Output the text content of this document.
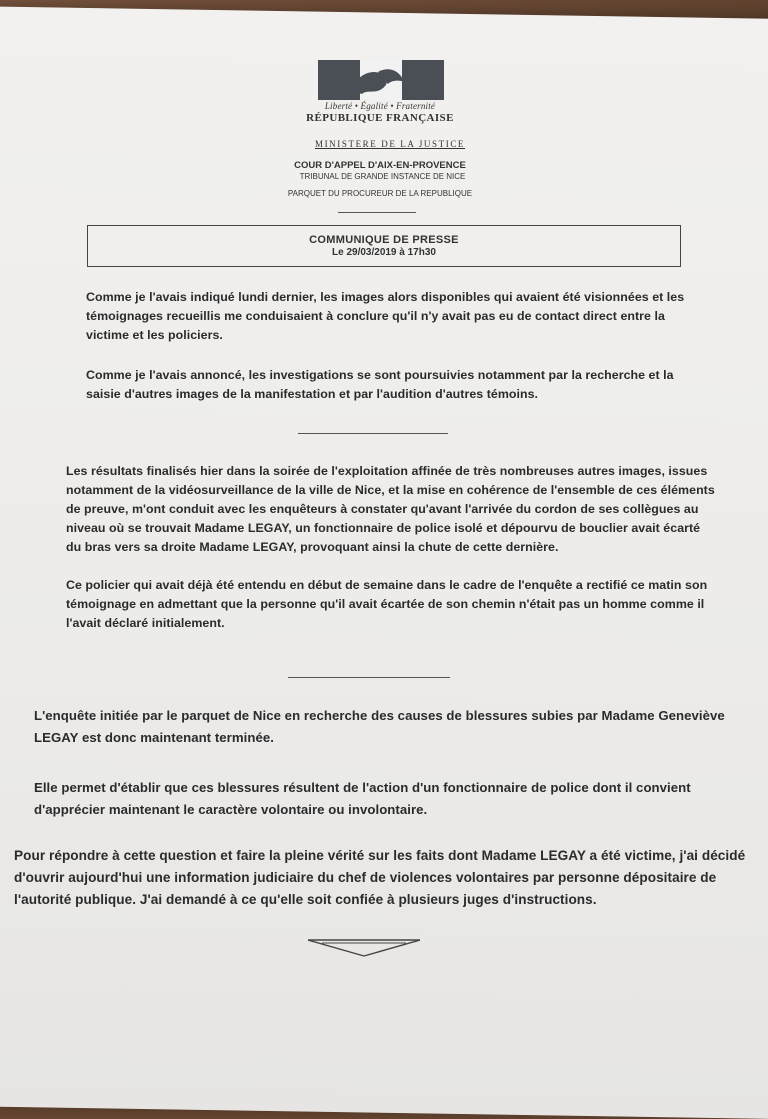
Liberté • Égalité • Fraternité
RÉPUBLIQUE FRANÇAISE
MINISTERE DE LA JUSTICE
COUR D'APPEL D'AIX-EN-PROVENCE
TRIBUNAL DE GRANDE INSTANCE DE NICE
PARQUET DU PROCUREUR DE LA REPUBLIQUE
COMMUNIQUE DE PRESSE
Le 29/03/2019 à 17h30
Comme je l'avais indiqué lundi dernier, les images alors disponibles qui avaient été visionnées et les témoignages recueillis me conduisaient à conclure qu'il n'y avait pas eu de contact direct entre la victime et les policiers.
Comme je l'avais annoncé, les investigations se sont poursuivies notamment par la recherche et la saisie d'autres images de la manifestation et par l'audition d'autres témoins.
Les résultats finalisés hier dans la soirée de l'exploitation affinée de très nombreuses autres images, issues notamment de la vidéosurveillance de la ville de Nice, et la mise en cohérence de l'ensemble de ces éléments de preuve, m'ont conduit avec les enquêteurs à constater qu'avant l'arrivée du cordon de ses collègues au niveau où se trouvait Madame LEGAY, un fonctionnaire de police isolé et dépourvu de bouclier avait écarté du bras vers sa droite Madame LEGAY, provoquant ainsi la chute de cette dernière.
Ce policier qui avait déjà été entendu en début de semaine dans le cadre de l'enquête a rectifié ce matin son témoignage en admettant que la personne qu'il avait écartée de son chemin n'était pas un homme comme il l'avait déclaré initialement.
L'enquête initiée par le parquet de Nice en recherche des causes de blessures subies par Madame Geneviève LEGAY est donc maintenant terminée.
Elle permet d'établir que ces blessures résultent de l'action d'un fonctionnaire de police dont il convient d'apprécier maintenant le caractère volontaire ou involontaire.
Pour répondre à cette question et faire la pleine vérité sur les faits dont Madame LEGAY a été victime, j'ai décidé d'ouvrir aujourd'hui une information judiciaire du chef de violences volontaires par personne dépositaire de l'autorité publique. J'ai demandé à ce qu'elle soit confiée à plusieurs juges d'instructions.
